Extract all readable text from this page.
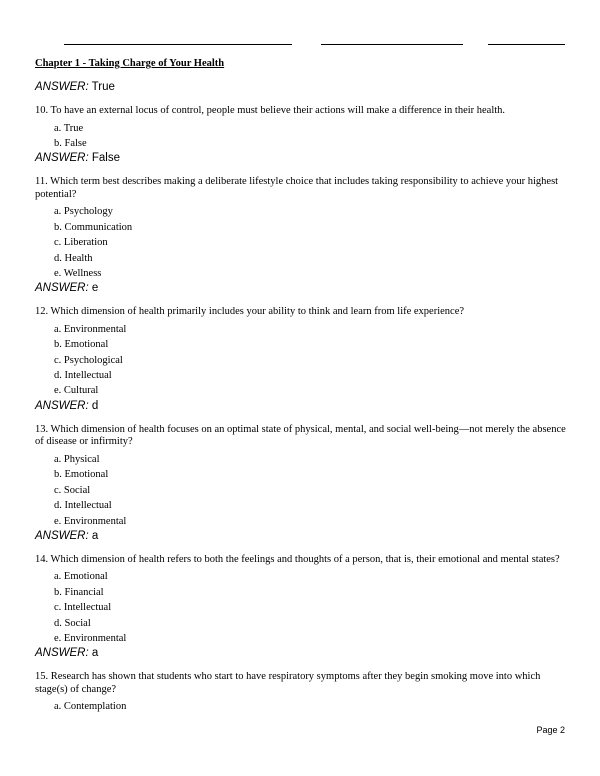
Chapter 1 - Taking Charge of Your Health

ANSWER: True

10. To have an external locus of control, people must believe their actions will make a difference in their health.

a. True
b. False
ANSWER: False

11. Which term best describes making a deliberate lifestyle choice that includes taking responsibility to achieve your highest potential?

a. Psychology
b. Communication
c. Liberation
d. Health
e. Wellness
ANSWER: e

12. Which dimension of health primarily includes your ability to think and learn from life experience?

a. Environmental
b. Emotional
c. Psychological
d. Intellectual
e. Cultural
ANSWER: d

13. Which dimension of health focuses on an optimal state of physical, mental, and social well-being—not merely the absence of disease or infirmity?

a. Physical
b. Emotional
c. Social
d. Intellectual
e. Environmental
ANSWER: a

14. Which dimension of health refers to both the feelings and thoughts of a person, that is, their emotional and mental states?

a. Emotional
b. Financial
c. Intellectual
d. Social
e. Environmental
ANSWER: a

15. Research has shown that students who start to have respiratory symptoms after they begin smoking move into which stage(s) of change?

a. Contemplation
Page 2
